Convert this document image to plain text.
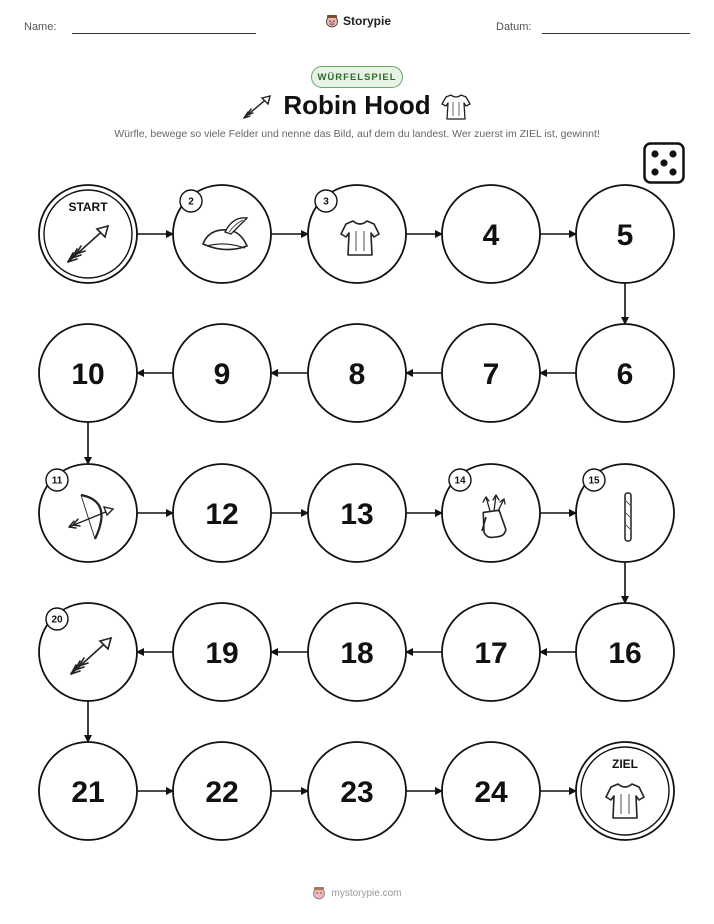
Name:	Storypie	Datum:
WÜRFELSPIEL
Robin Hood
Würfle, bewege so viele Felder und nenne das Bild, auf dem du landest. Wer zuerst im ZIEL ist, gewinnt!
START	2	3
4	5
6
7
8
9
10
11
12	13
14	15
16
17
18
19
20
21	22	23	24
ZIEL
mystorypie.com
